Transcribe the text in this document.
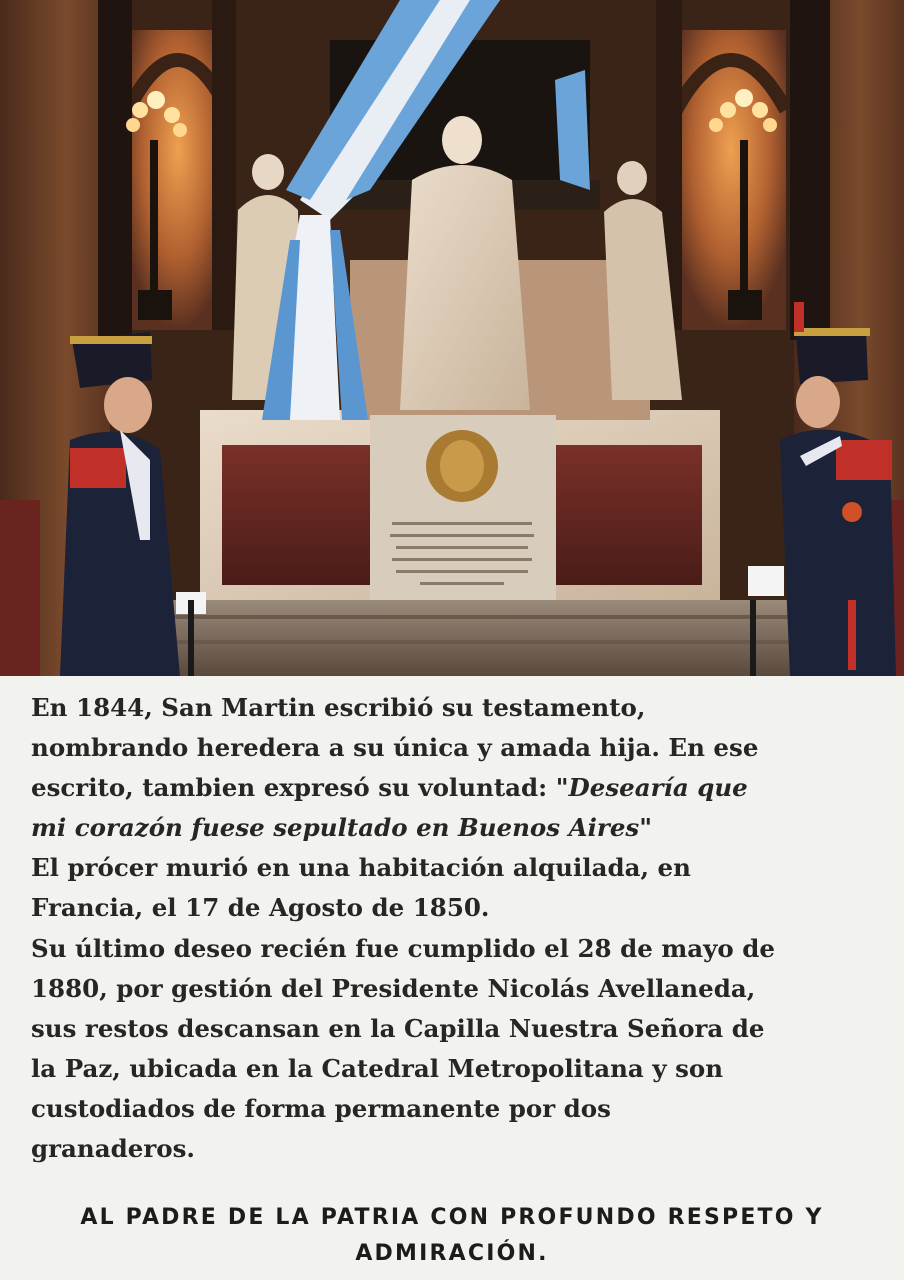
En 1844, San Martin escribió su testamento,
nombrando heredera a su única y amada hija. En ese
escrito, tambien expresó su voluntad: "Desearía que
mi corazón fuese sepultado en Buenos Aires"
El prócer murió en una habitación alquilada, en
Francia, el 17 de Agosto de 1850.
Su último deseo recién fue cumplido el 28 de mayo de
1880, por gestión del Presidente Nicolás Avellaneda,
sus restos descansan en la Capilla Nuestra Señora de
la Paz, ubicada en la Catedral Metropolitana y son
custodiados de forma permanente por dos
granaderos.

AL PADRE DE LA PATRIA CON PROFUNDO RESPETO Y
ADMIRACIÓN.
